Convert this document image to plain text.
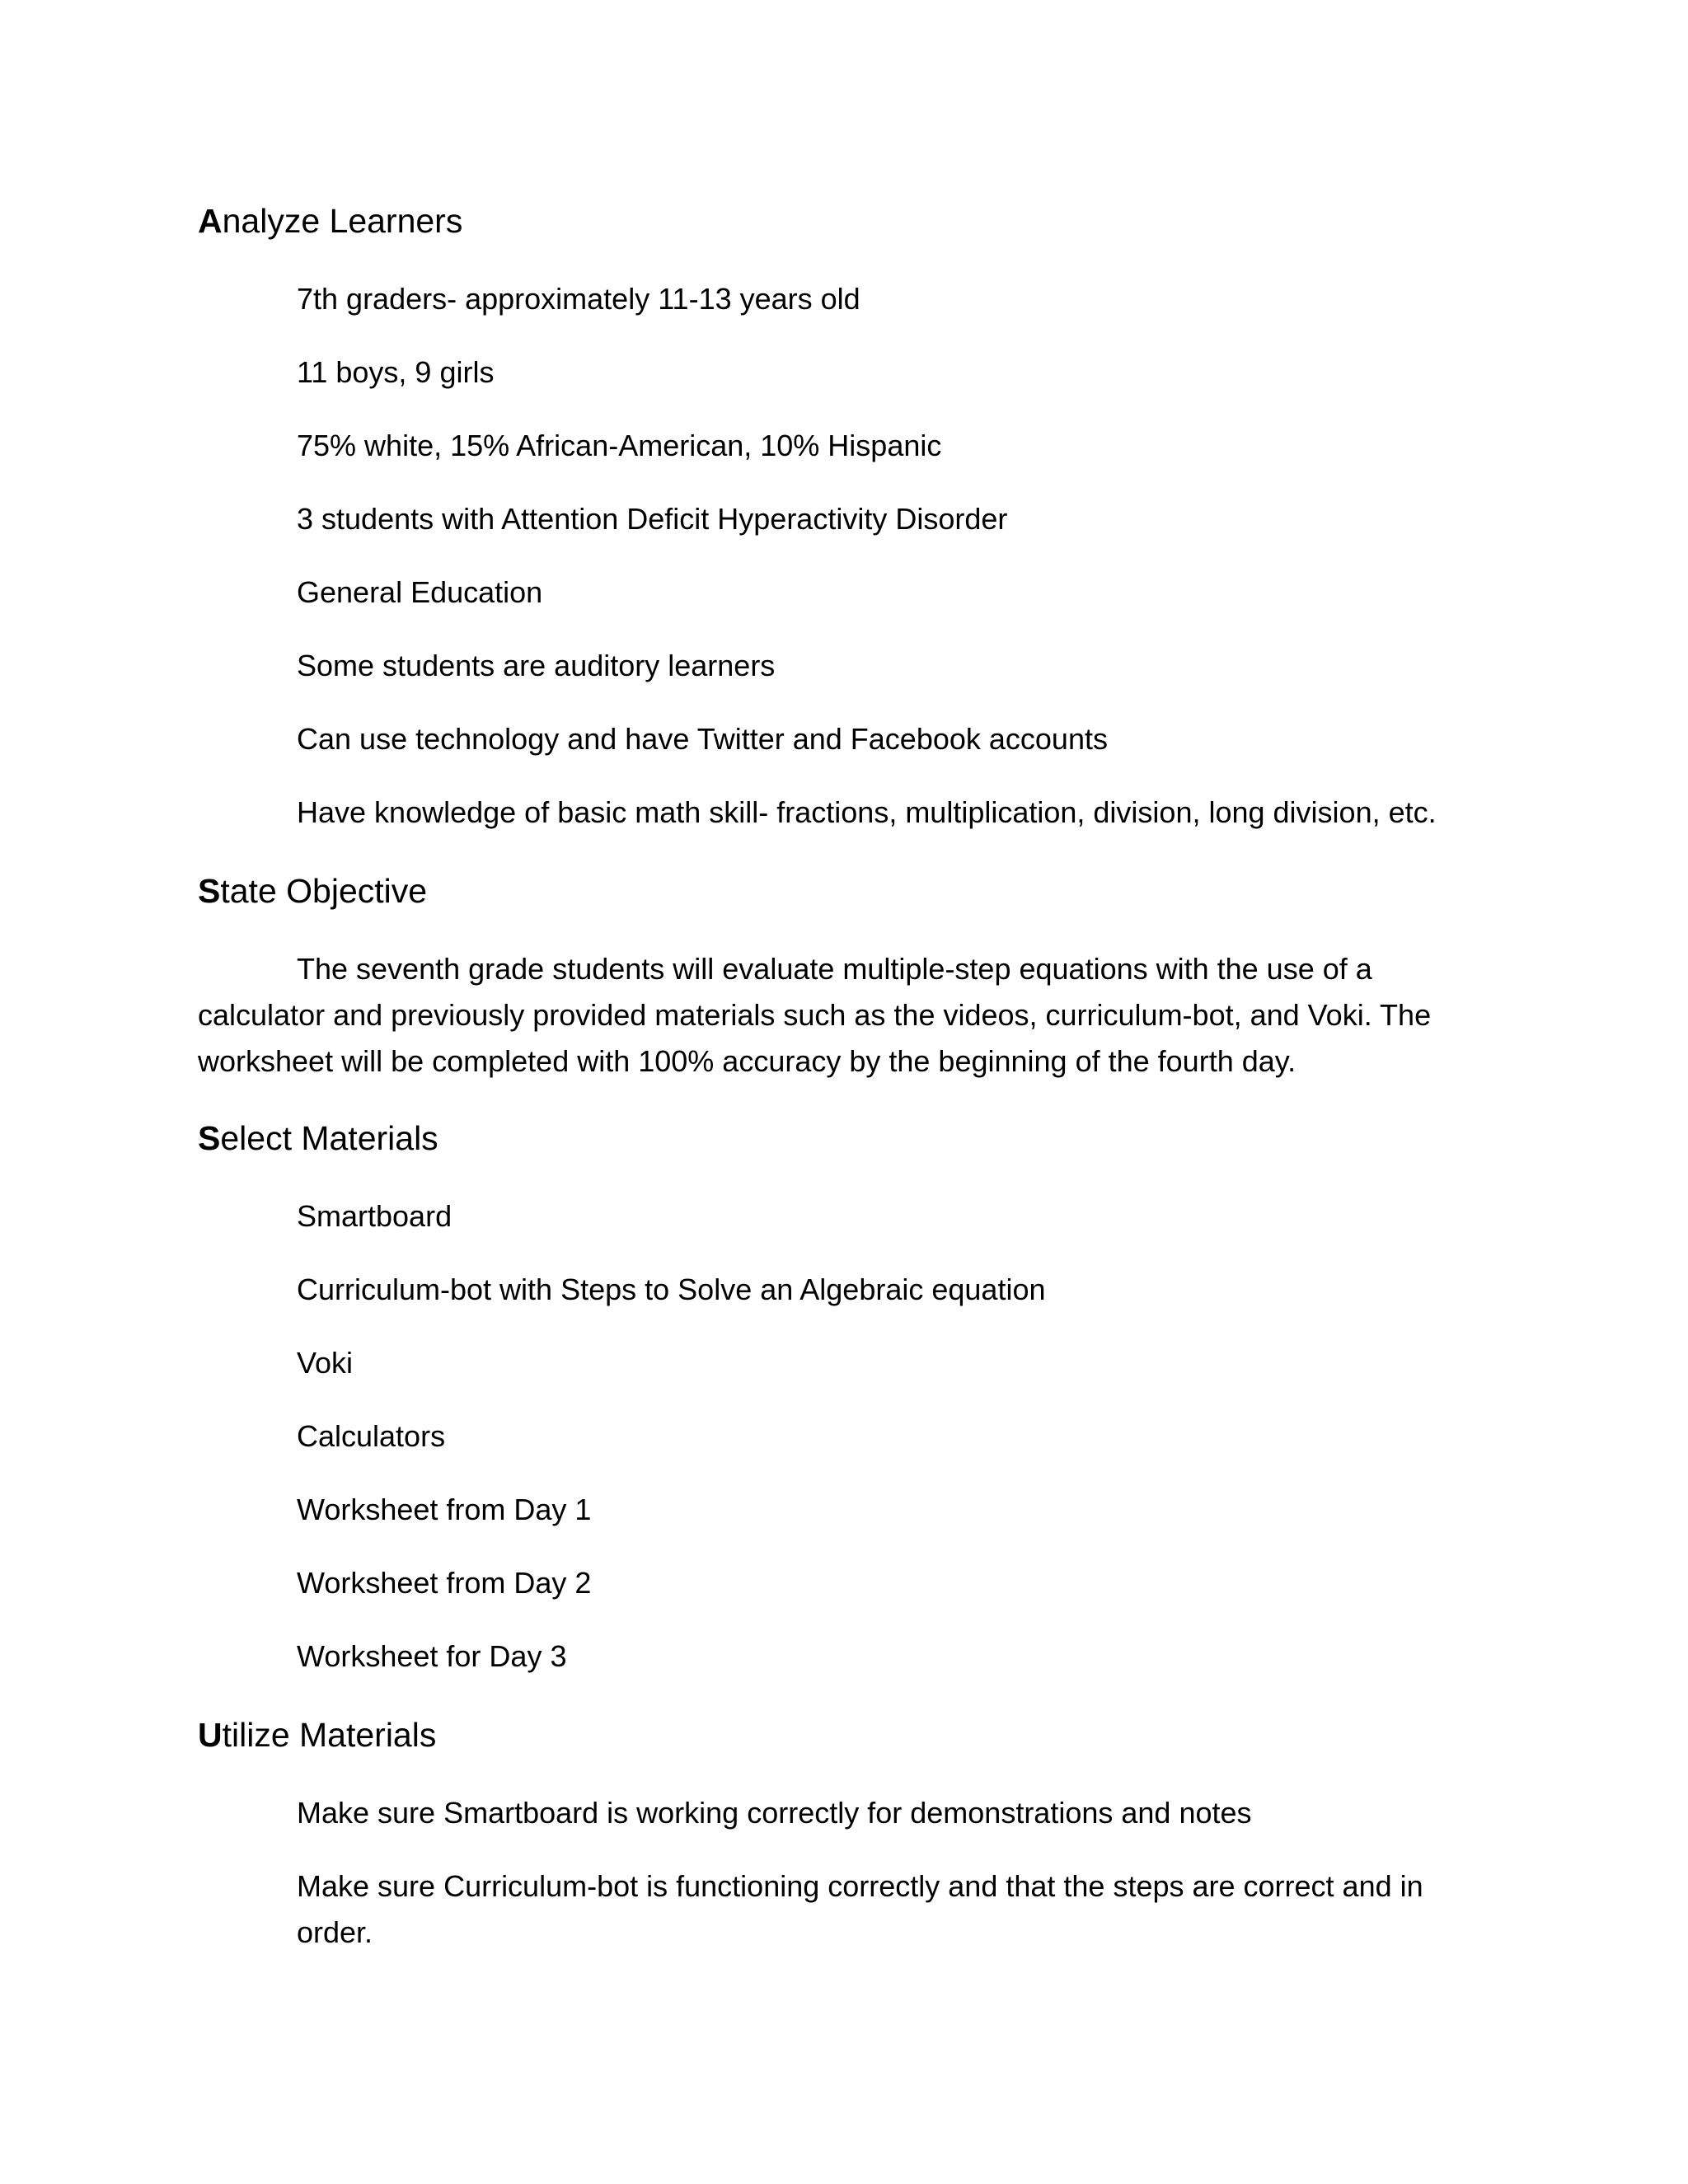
Analyze Learners
7th graders- approximately 11-13 years old
11 boys, 9 girls
75% white, 15% African-American, 10% Hispanic
3 students with Attention Deficit Hyperactivity Disorder
General Education
Some students are auditory learners
Can use technology and have Twitter and Facebook accounts
Have knowledge of basic math skill- fractions, multiplication, division, long division, etc.
State Objective
The seventh grade students will evaluate multiple-step equations with the use of a calculator and previously provided materials such as the videos, curriculum-bot, and Voki. The worksheet will be completed with 100% accuracy by the beginning of the fourth day.
Select Materials
Smartboard
Curriculum-bot with Steps to Solve an Algebraic equation
Voki
Calculators
Worksheet from Day 1
Worksheet from Day 2
Worksheet for Day 3
Utilize Materials
Make sure Smartboard is working correctly for demonstrations and notes
Make sure Curriculum-bot is functioning correctly and that the steps are correct and in order.
